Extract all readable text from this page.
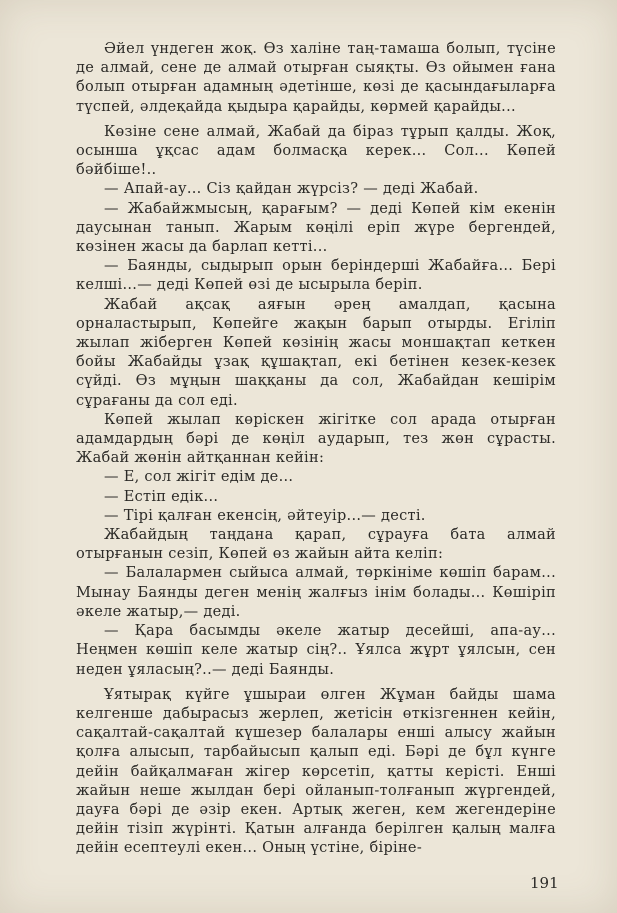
Әйел үндеген жоқ. Өз халіне таң-тамаша болып, түсіне де алмай, сене де алмай отырған сыяқты. Өз ойымен ғана болып отырған адамның әдетінше, көзі де қасындағыларға түспей, әлдеқайда қыдыра қарайды, көрмей қарайды...

Көзіне сене алмай, Жабай да біраз тұрып қалды. Жоқ, осынша ұқсас адам болмасқа керек... Сол... Көпей бәйбіше!..

— Апай-ау... Сіз қайдан жүрсіз? — деді Жабай.

— Жабайжмысың, қарағым? — деді Көпей кім екенін даусынан танып. Жарым көңілі еріп жүре бергендей, көзінен жасы да барлап кетті...

— Баянды, сыдырып орын берiндерші Жабайға... Бері келші...— деді Көпей өзі де ысырыла беріп.

Жабай ақсақ аяғын әрең амалдап, қасына орналастырып, Көпейге жақын барып отырды. Егіліп жылап жіберген Көпей көзінің жасы моншақтап кеткен бойы Жабайды ұзақ құшақтап, екі бетінен кезек-кезек сүйді. Өз мұңын шаққаны да сол, Жабайдан кешірім сұрағаны да сол еді.

Көпей жылап көріскен жігітке сол арада отырған адамдардың бәрі де көңіл аударып, тез жөн сұрасты. Жабай жөнін айтқаннан кейін:

— Е, сол жігіт едім де...

— Естіп едік...

— Тірі қалған екенсің, әйтеуір...— десті.

Жабайдың таңдана қарап, сұрауға бата алмай отырғанын сезіп, Көпей өз жайын айта келіп:

— Балалармен сыйыса алмай, төркініме көшіп барам... Мынау Баянды деген менің жалғыз інім болады... Көшіріп әкеле жатыр,— деді.

— Қара басымды әкеле жатыр десейші, апа-ау... Неңмен көшіп келе жатыр сің?.. Ұялса жұрт ұялсын, сен неден ұяласың?..— деді Баянды.

Ұятырақ күйге ұшыраи өлген Жұман байды шама келгенше дабырасыз жерлеп, жетісін өткізгеннен кейін, сақалтай-сақалтай күшезер балалары енші алысу жайын қолға алысып, тарбайысып қалып еді. Бәрі де бұл күнге дейін байқалмаған жігер көрсетіп, қатты керісті. Енші жайын неше жылдан бері ойланып-толғанып жүргендей, дауға бәрі де әзір екен. Артық жеген, кем жегендеріне дейін тізіп жүрінті. Қатын алғанда берілген қалың малға дейін есептеулі екен... Оның үстіне, біріне-

191
